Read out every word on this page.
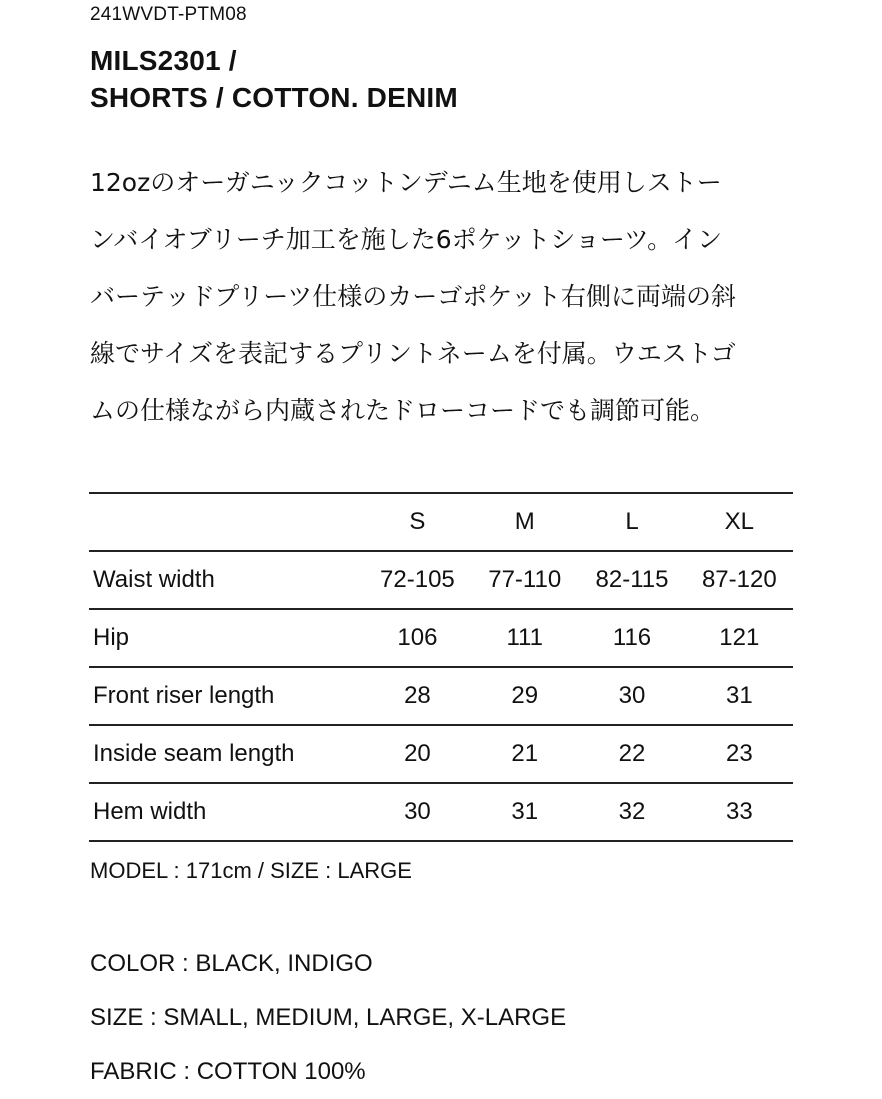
241WVDT-PTM08
MILS2301 /
SHORTS / COTTON. DENIM
12ozのオーガニックコットンデニム生地を使用しストー
ンバイオブリーチ加工を施した6ポケットショーツ。イン
バーテッドプリーツ仕様のカーゴポケット右側に両端の斜
線でサイズを表記するプリントネームを付属。ウエストゴ
ムの仕様ながら内蔵されたドローコードでも調節可能。
	S	M	L	XL
Waist width	72-105	77-110	82-115	87-120
Hip	106	111	116	121
Front riser length	28	29	30	31
Inside seam length	20	21	22	23
Hem width	30	31	32	33
MODEL : 171cm / SIZE : LARGE
COLOR : BLACK, INDIGO
SIZE : SMALL, MEDIUM, LARGE, X-LARGE
FABRIC : COTTON 100%
